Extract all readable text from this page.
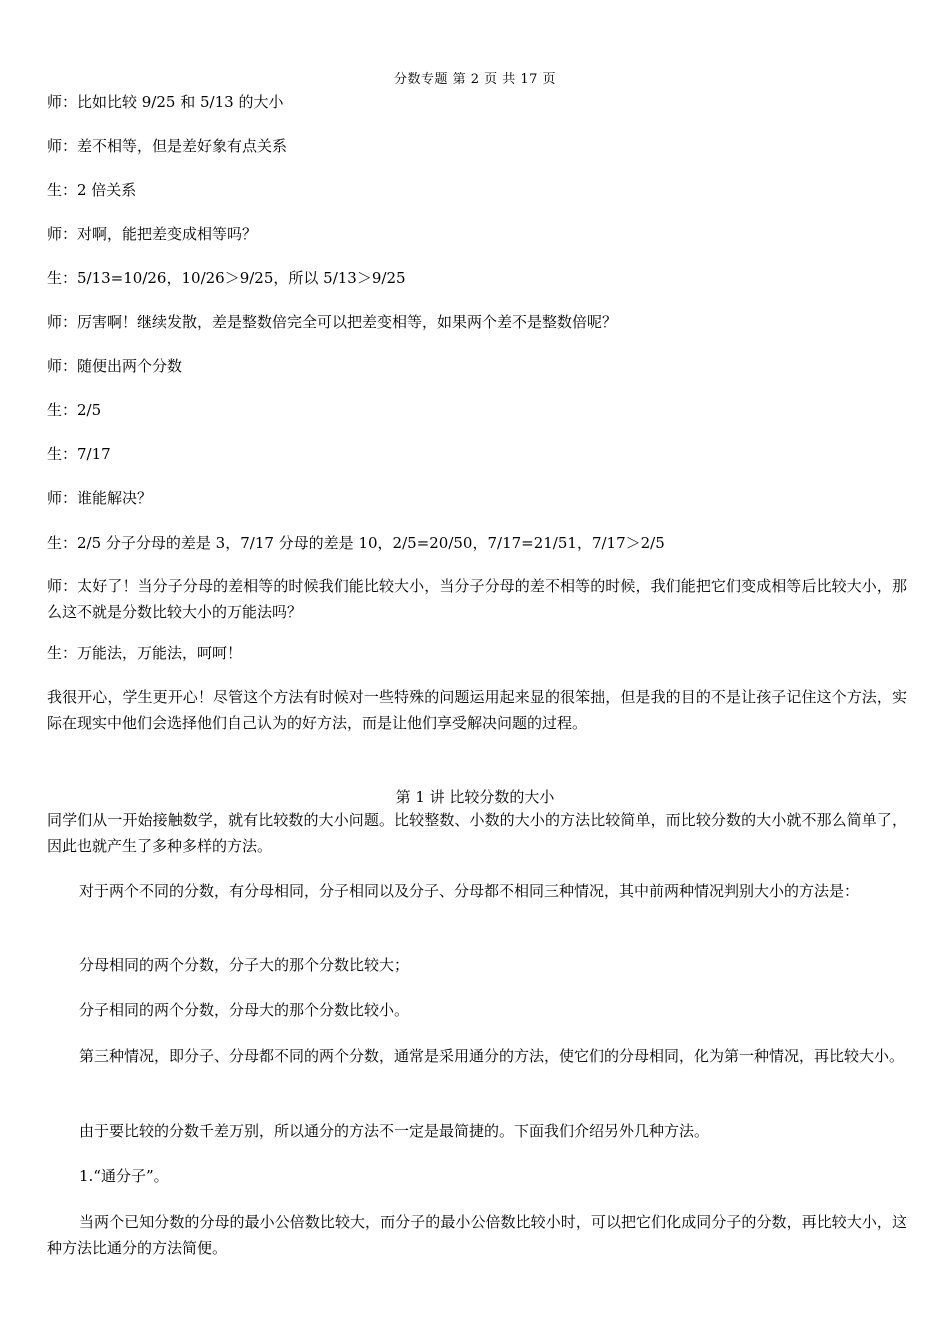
分数专题 第 2 页 共 17 页
师：比如比较 9/25 和 5/13 的大小
师：差不相等，但是差好象有点关系
生：2 倍关系
师：对啊，能把差变成相等吗？
生：5/13=10/26，10/26＞9/25，所以 5/13＞9/25
师：厉害啊！继续发散，差是整数倍完全可以把差变相等，如果两个差不是整数倍呢？
师：随便出两个分数
生：2/5
生：7/17
师：谁能解决？
生：2/5 分子分母的差是 3，7/17 分母的差是 10，2/5=20/50，7/17=21/51，7/17＞2/5
师：太好了！当分子分母的差相等的时候我们能比较大小，当分子分母的差不相等的时候，我们能把它们变成相等后比较大小，那么这不就是分数比较大小的万能法吗？
生：万能法，万能法，呵呵！
我很开心，学生更开心！尽管这个方法有时候对一些特殊的问题运用起来显的很笨拙，但是我的目的不是让孩子记住这个方法，实际在现实中他们会选择他们自己认为的好方法，而是让他们享受解决问题的过程。
第 1 讲 比较分数的大小
同学们从一开始接触数学，就有比较数的大小问题。比较整数、小数的大小的方法比较简单，而比较分数的大小就不那么简单了，因此也就产生了多种多样的方法。
对于两个不同的分数，有分母相同，分子相同以及分子、分母都不相同三种情况，其中前两种情况判别大小的方法是：
分母相同的两个分数，分子大的那个分数比较大；
分子相同的两个分数，分母大的那个分数比较小。
第三种情况，即分子、分母都不同的两个分数，通常是采用通分的方法，使它们的分母相同，化为第一种情况，再比较大小。
由于要比较的分数千差万别，所以通分的方法不一定是最简捷的。下面我们介绍另外几种方法。
1.“通分子”。
当两个已知分数的分母的最小公倍数比较大，而分子的最小公倍数比较小时，可以把它们化成同分子的分数，再比较大小，这种方法比通分的方法简便。
